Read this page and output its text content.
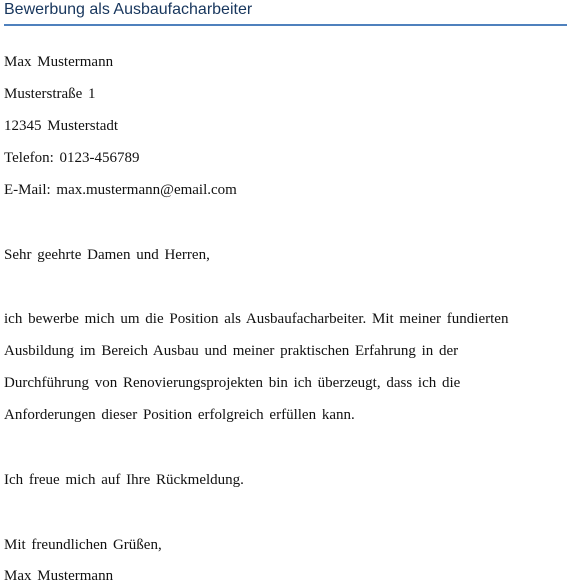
Bewerbung als Ausbaufacharbeiter
Max Mustermann
Musterstraße 1
12345 Musterstadt
Telefon: 0123-456789
E-Mail: max.mustermann@email.com
Sehr geehrte Damen und Herren,
ich bewerbe mich um die Position als Ausbaufacharbeiter. Mit meiner fundierten
Ausbildung im Bereich Ausbau und meiner praktischen Erfahrung in der
Durchführung von Renovierungsprojekten bin ich überzeugt, dass ich die
Anforderungen dieser Position erfolgreich erfüllen kann.
Ich freue mich auf Ihre Rückmeldung.
Mit freundlichen Grüßen,
Max Mustermann
